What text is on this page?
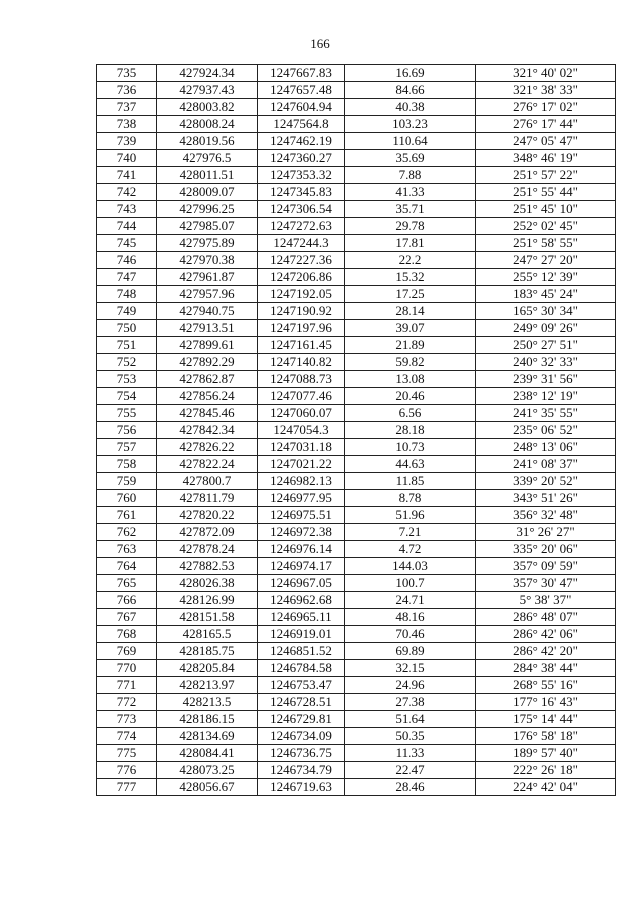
166
735	427924.34	1247667.83	16.69	321° 40' 02"
736	427937.43	1247657.48	84.66	321° 38' 33"
737	428003.82	1247604.94	40.38	276° 17' 02"
738	428008.24	1247564.8	103.23	276° 17' 44"
739	428019.56	1247462.19	110.64	247° 05' 47"
740	427976.5	1247360.27	35.69	348° 46' 19"
741	428011.51	1247353.32	7.88	251° 57' 22"
742	428009.07	1247345.83	41.33	251° 55' 44"
743	427996.25	1247306.54	35.71	251° 45' 10"
744	427985.07	1247272.63	29.78	252° 02' 45"
745	427975.89	1247244.3	17.81	251° 58' 55"
746	427970.38	1247227.36	22.2	247° 27' 20"
747	427961.87	1247206.86	15.32	255° 12' 39"
748	427957.96	1247192.05	17.25	183° 45' 24"
749	427940.75	1247190.92	28.14	165° 30' 34"
750	427913.51	1247197.96	39.07	249° 09' 26"
751	427899.61	1247161.45	21.89	250° 27' 51"
752	427892.29	1247140.82	59.82	240° 32' 33"
753	427862.87	1247088.73	13.08	239° 31' 56"
754	427856.24	1247077.46	20.46	238° 12' 19"
755	427845.46	1247060.07	6.56	241° 35' 55"
756	427842.34	1247054.3	28.18	235° 06' 52"
757	427826.22	1247031.18	10.73	248° 13' 06"
758	427822.24	1247021.22	44.63	241° 08' 37"
759	427800.7	1246982.13	11.85	339° 20' 52"
760	427811.79	1246977.95	8.78	343° 51' 26"
761	427820.22	1246975.51	51.96	356° 32' 48"
762	427872.09	1246972.38	7.21	31° 26' 27"
763	427878.24	1246976.14	4.72	335° 20' 06"
764	427882.53	1246974.17	144.03	357° 09' 59"
765	428026.38	1246967.05	100.7	357° 30' 47"
766	428126.99	1246962.68	24.71	5° 38' 37"
767	428151.58	1246965.11	48.16	286° 48' 07"
768	428165.5	1246919.01	70.46	286° 42' 06"
769	428185.75	1246851.52	69.89	286° 42' 20"
770	428205.84	1246784.58	32.15	284° 38' 44"
771	428213.97	1246753.47	24.96	268° 55' 16"
772	428213.5	1246728.51	27.38	177° 16' 43"
773	428186.15	1246729.81	51.64	175° 14' 44"
774	428134.69	1246734.09	50.35	176° 58' 18"
775	428084.41	1246736.75	11.33	189° 57' 40"
776	428073.25	1246734.79	22.47	222° 26' 18"
777	428056.67	1246719.63	28.46	224° 42' 04"
